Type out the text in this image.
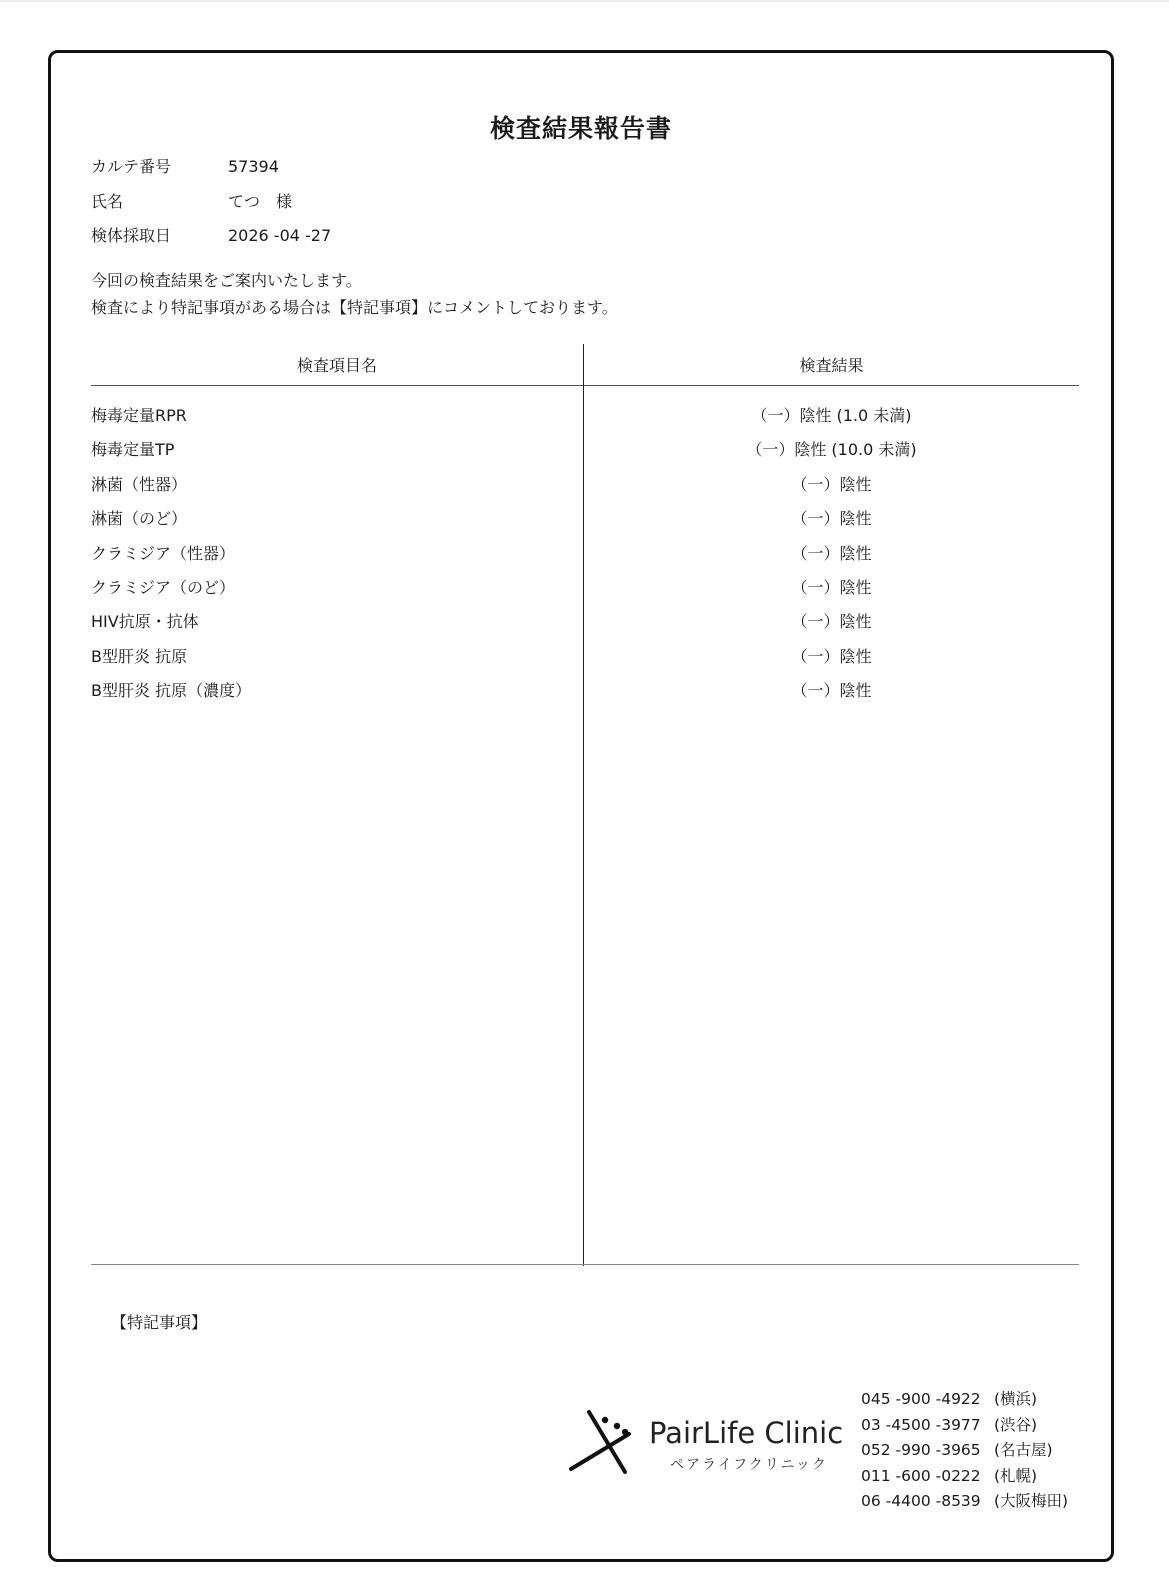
検査結果報告書
カルテ番号	57394
氏名	てつ　様
検体採取日	2026 -04 -27
今回の検査結果をご案内いたします。
検査により特記事項がある場合は【特記事項】にコメントしております。
検査項目名	検査結果
梅毒定量RPR	（一）陰性 (1.0 未満)
梅毒定量TP	（一）陰性 (10.0 未満)
淋菌（性器）	（一）陰性
淋菌（のど）	（一）陰性
クラミジア（性器）	（一）陰性
クラミジア（のど）	（一）陰性
HIV抗原・抗体	（一）陰性
B型肝炎 抗原	（一）陰性
B型肝炎 抗原（濃度）	（一）陰性
【特記事項】
PairLife Clinic
ペアライフクリニック
045 -900 -4922 (横浜)
03 -4500 -3977 (渋谷)
052 -990 -3965 (名古屋)
011 -600 -0222 (札幌)
06 -4400 -8539 (大阪梅田)
